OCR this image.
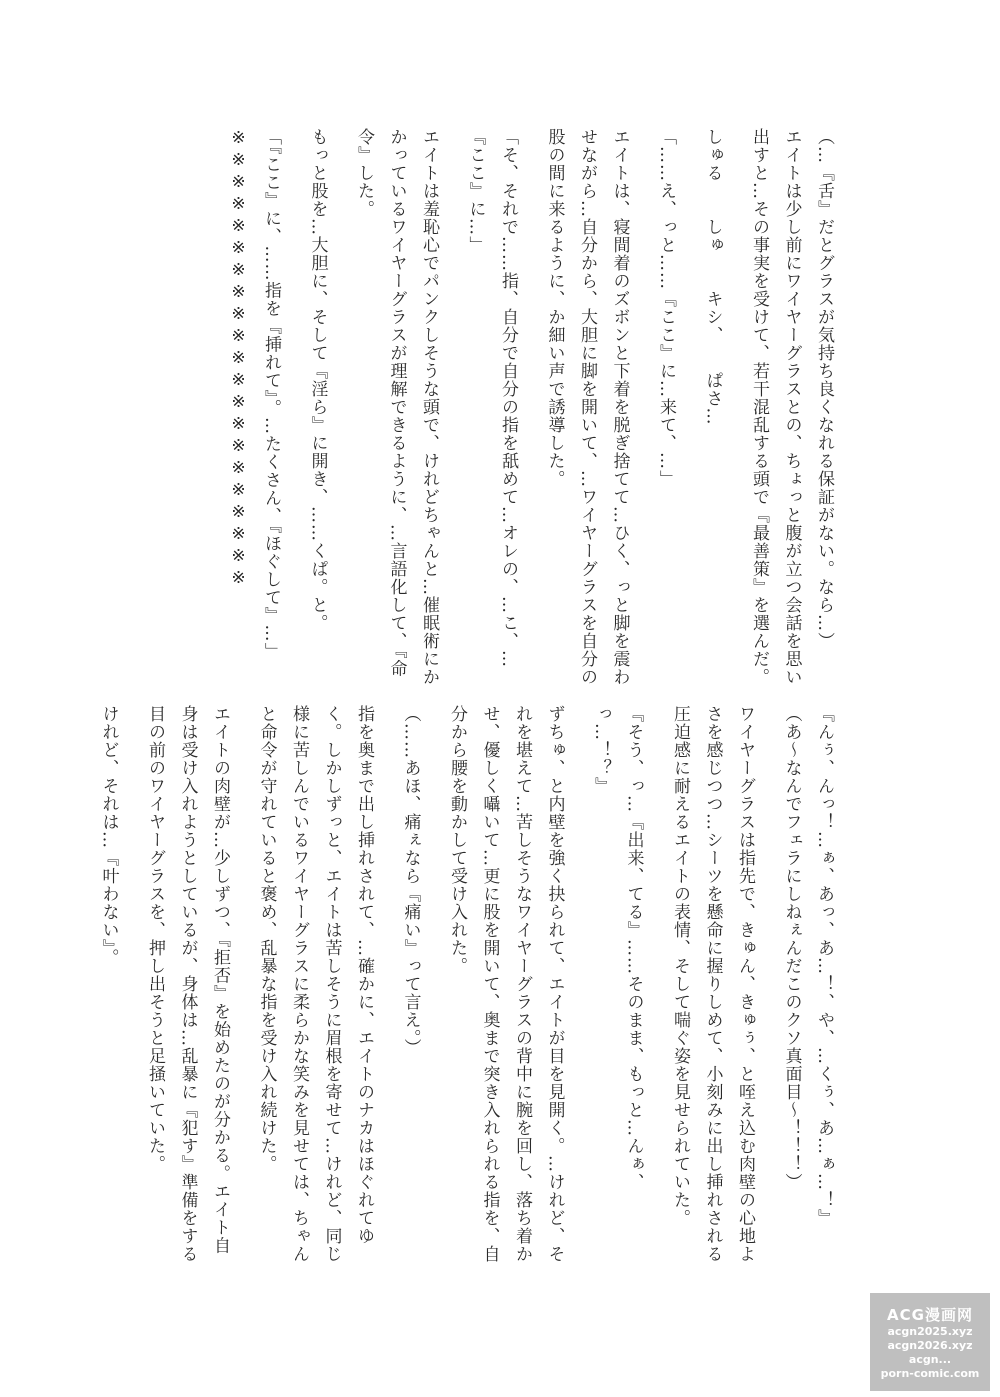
（…『舌』だとグラスが気持ち良くなれる保証がない。なら…）

エイトは少し前にワイヤーグラスとの、ちょっと腹が立つ会話を思い出すと…その事実を受けて、若干混乱する頭で『最善策』を選んだ。

しゅる　　しゅ　　キシ、　　ぱさ…

「……え、っと……『ここ』に…来て、…」

エイトは、寝間着のズボンと下着を脱ぎ捨てて…ひく、っと脚を震わせながら…自分から、大胆に脚を開いて、…ワイヤーグラスを自分の股の間に来るように、か細い声で誘導した。

「そ、それで……指、自分で自分の指を舐めて…オレの、…こ、…『ここ』に…」

エイトは羞恥心でパンクしそうな頭で、けれどちゃんと…催眠術にかかっているワイヤーグラスが理解できるように、…言語化して、『命令』した。

もっと股を…大胆に、そして『淫ら』に開き、……くぱ。と。

「『ここ』に、……指を『挿れて』。…たくさん、『ほぐして』…」

※※※※※※※※※※※※※※※※※※※※※

『んぅ、んっ！…ぁ、あっ、あ…！、や、…くぅ、あ…ぁ…！』

（あ〜なんでフェラにしねぇんだこのクソ真面目〜！！！）

ワイヤーグラスは指先で、きゅん、きゅぅ、と咥え込む肉壁の心地よさを感じつつ…シーツを懸命に握りしめて、小刻みに出し挿れされる圧迫感に耐えるエイトの表情、そして喘ぐ姿を見せられていた。

『そう、っ…『出来、てる』……そのまま、もっと…んぁ、っ…！？』

ずちゅ、と内壁を強く抉られて、エイトが目を見開く。…けれど、それを堪えて…苦しそうなワイヤーグラスの背中に腕を回し、落ち着かせ、優しく囁いて…更に股を開いて、奥まで突き入れられる指を、自分から腰を動かして受け入れた。

（……あほ、痛ぇなら『痛い』って言え。）

指を奥まで出し挿れされて、…確かに、エイトのナカはほぐれてゆく。しかしずっと、エイトは苦しそうに眉根を寄せて…けれど、同じ様に苦しんでいるワイヤーグラスに柔らかな笑みを見せては、ちゃんと命令が守れていると褒め、乱暴な指を受け入れ続けた。

エイトの肉壁が…少しずつ、『拒否』を始めたのが分かる。エイト自身は受け入れようとしているが、身体は…乱暴に『犯す』準備をする目の前のワイヤーグラスを、押し出そうと足掻いていた。

けれど、それは…『叶わない』。

ACG漫画网
acgn2025.xyz
acgn2026.xyz
acgn...
porn-comic.com
